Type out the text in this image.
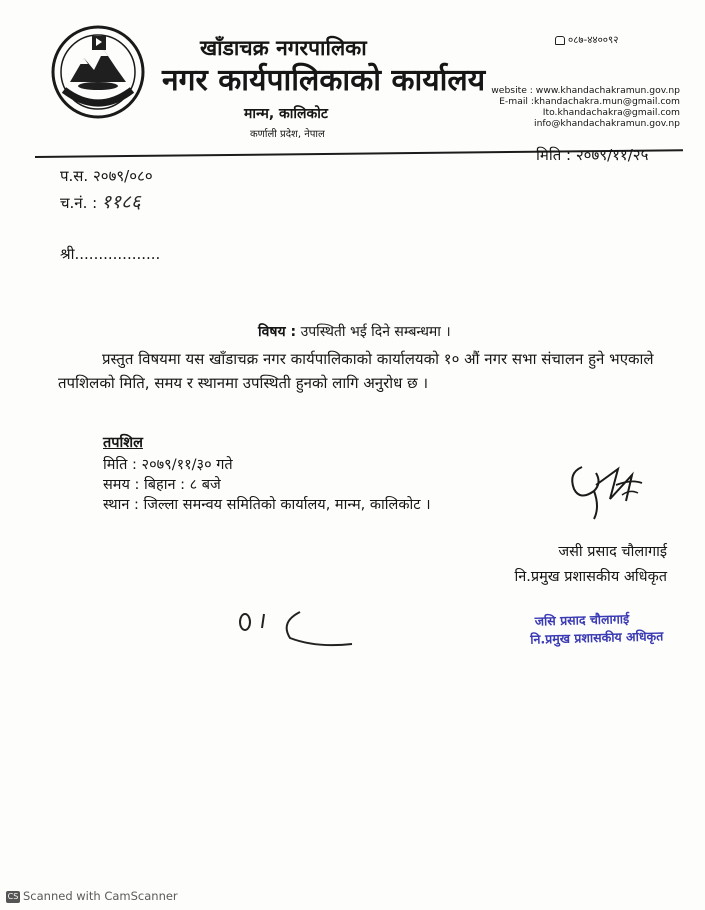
खाँडाचक्र नगरपालिका
नगर कार्यपालिकाको कार्यालय
मान्म, कालिकोट
कर्णाली प्रदेश, नेपाल
०८७-४४००९२
website : www.khandachakramun.gov.np
E-mail :khandachakra.mun@gmail.com
Ito.khandachakra@gmail.com
info@khandachakramun.gov.np
मिति : २०७९/११/२५
प.स. २०७९/०८०
च.नं. : ११८६
श्री..................
विषय : उपस्थिती भई दिने सम्बन्धमा ।
प्रस्तुत विषयमा यस खाँडाचक्र नगर कार्यपालिकाको कार्यालयको १० औं नगर सभा संचालन हुने भएकाले तपशिलको मिति, समय र स्थानमा उपस्थिती हुनको लागि अनुरोध छ ।
तपशिल
मिति : २०७९/११/३० गते
समय : बिहान : ८ बजे
स्थान : जिल्ला समन्वय समितिको कार्यालय, मान्म, कालिकोट ।
जसी प्रसाद चौलागाई
नि.प्रमुख प्रशासकीय अधिकृत
जसि प्रसाद चौलागाई
नि.प्रमुख प्रशासकीय अधिकृत
CS Scanned with CamScanner
